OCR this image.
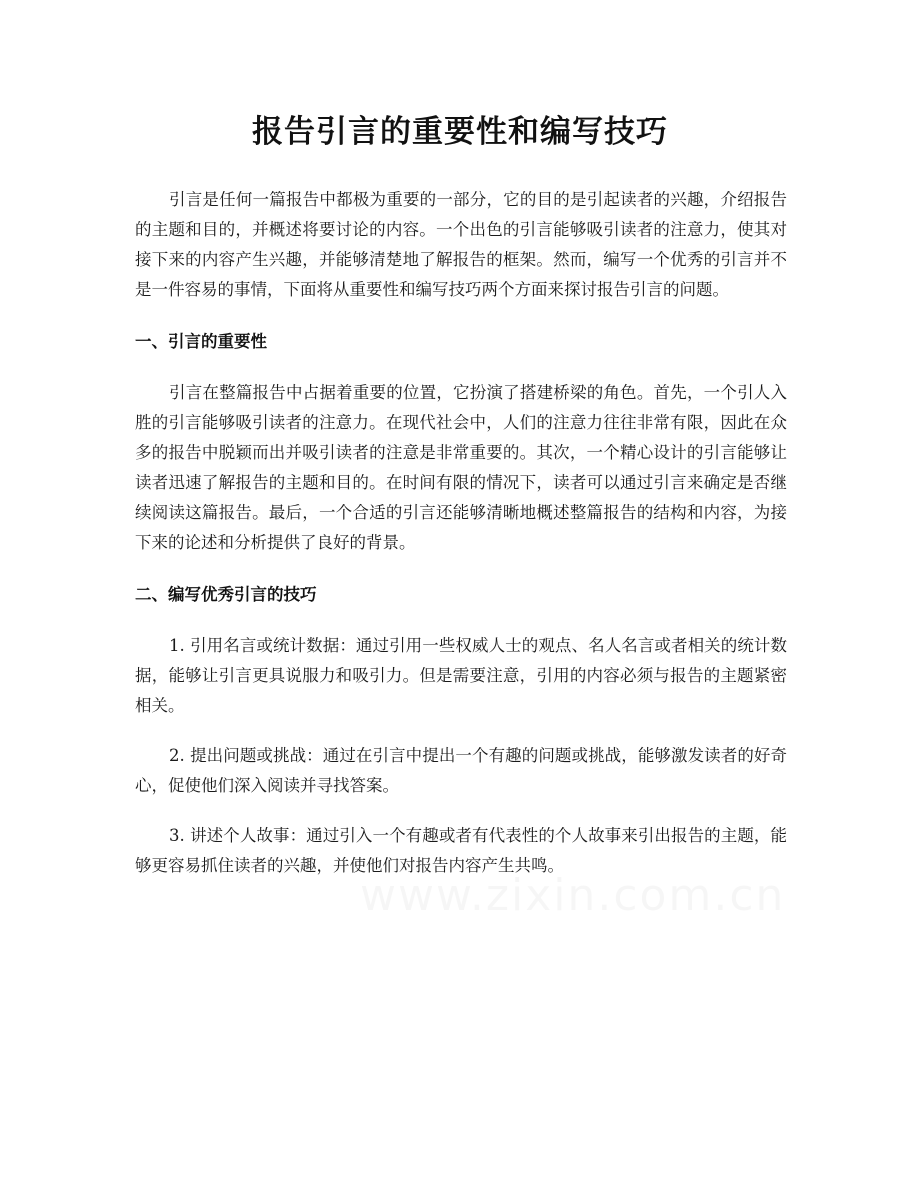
报告引言的重要性和编写技巧

引言是任何一篇报告中都极为重要的一部分，它的目的是引起读者的兴趣，介绍报告的主题和目的，并概述将要讨论的内容。一个出色的引言能够吸引读者的注意力，使其对接下来的内容产生兴趣，并能够清楚地了解报告的框架。然而，编写一个优秀的引言并不是一件容易的事情，下面将从重要性和编写技巧两个方面来探讨报告引言的问题。

一、引言的重要性

引言在整篇报告中占据着重要的位置，它扮演了搭建桥梁的角色。首先，一个引人入胜的引言能够吸引读者的注意力。在现代社会中，人们的注意力往往非常有限，因此在众多的报告中脱颖而出并吸引读者的注意是非常重要的。其次，一个精心设计的引言能够让读者迅速了解报告的主题和目的。在时间有限的情况下，读者可以通过引言来确定是否继续阅读这篇报告。最后，一个合适的引言还能够清晰地概述整篇报告的结构和内容，为接下来的论述和分析提供了良好的背景。

二、编写优秀引言的技巧

1. 引用名言或统计数据：通过引用一些权威人士的观点、名人名言或者相关的统计数据，能够让引言更具说服力和吸引力。但是需要注意，引用的内容必须与报告的主题紧密相关。

2. 提出问题或挑战：通过在引言中提出一个有趣的问题或挑战，能够激发读者的好奇心，促使他们深入阅读并寻找答案。

3. 讲述个人故事：通过引入一个有趣或者有代表性的个人故事来引出报告的主题，能够更容易抓住读者的兴趣，并使他们对报告内容产生共鸣。
